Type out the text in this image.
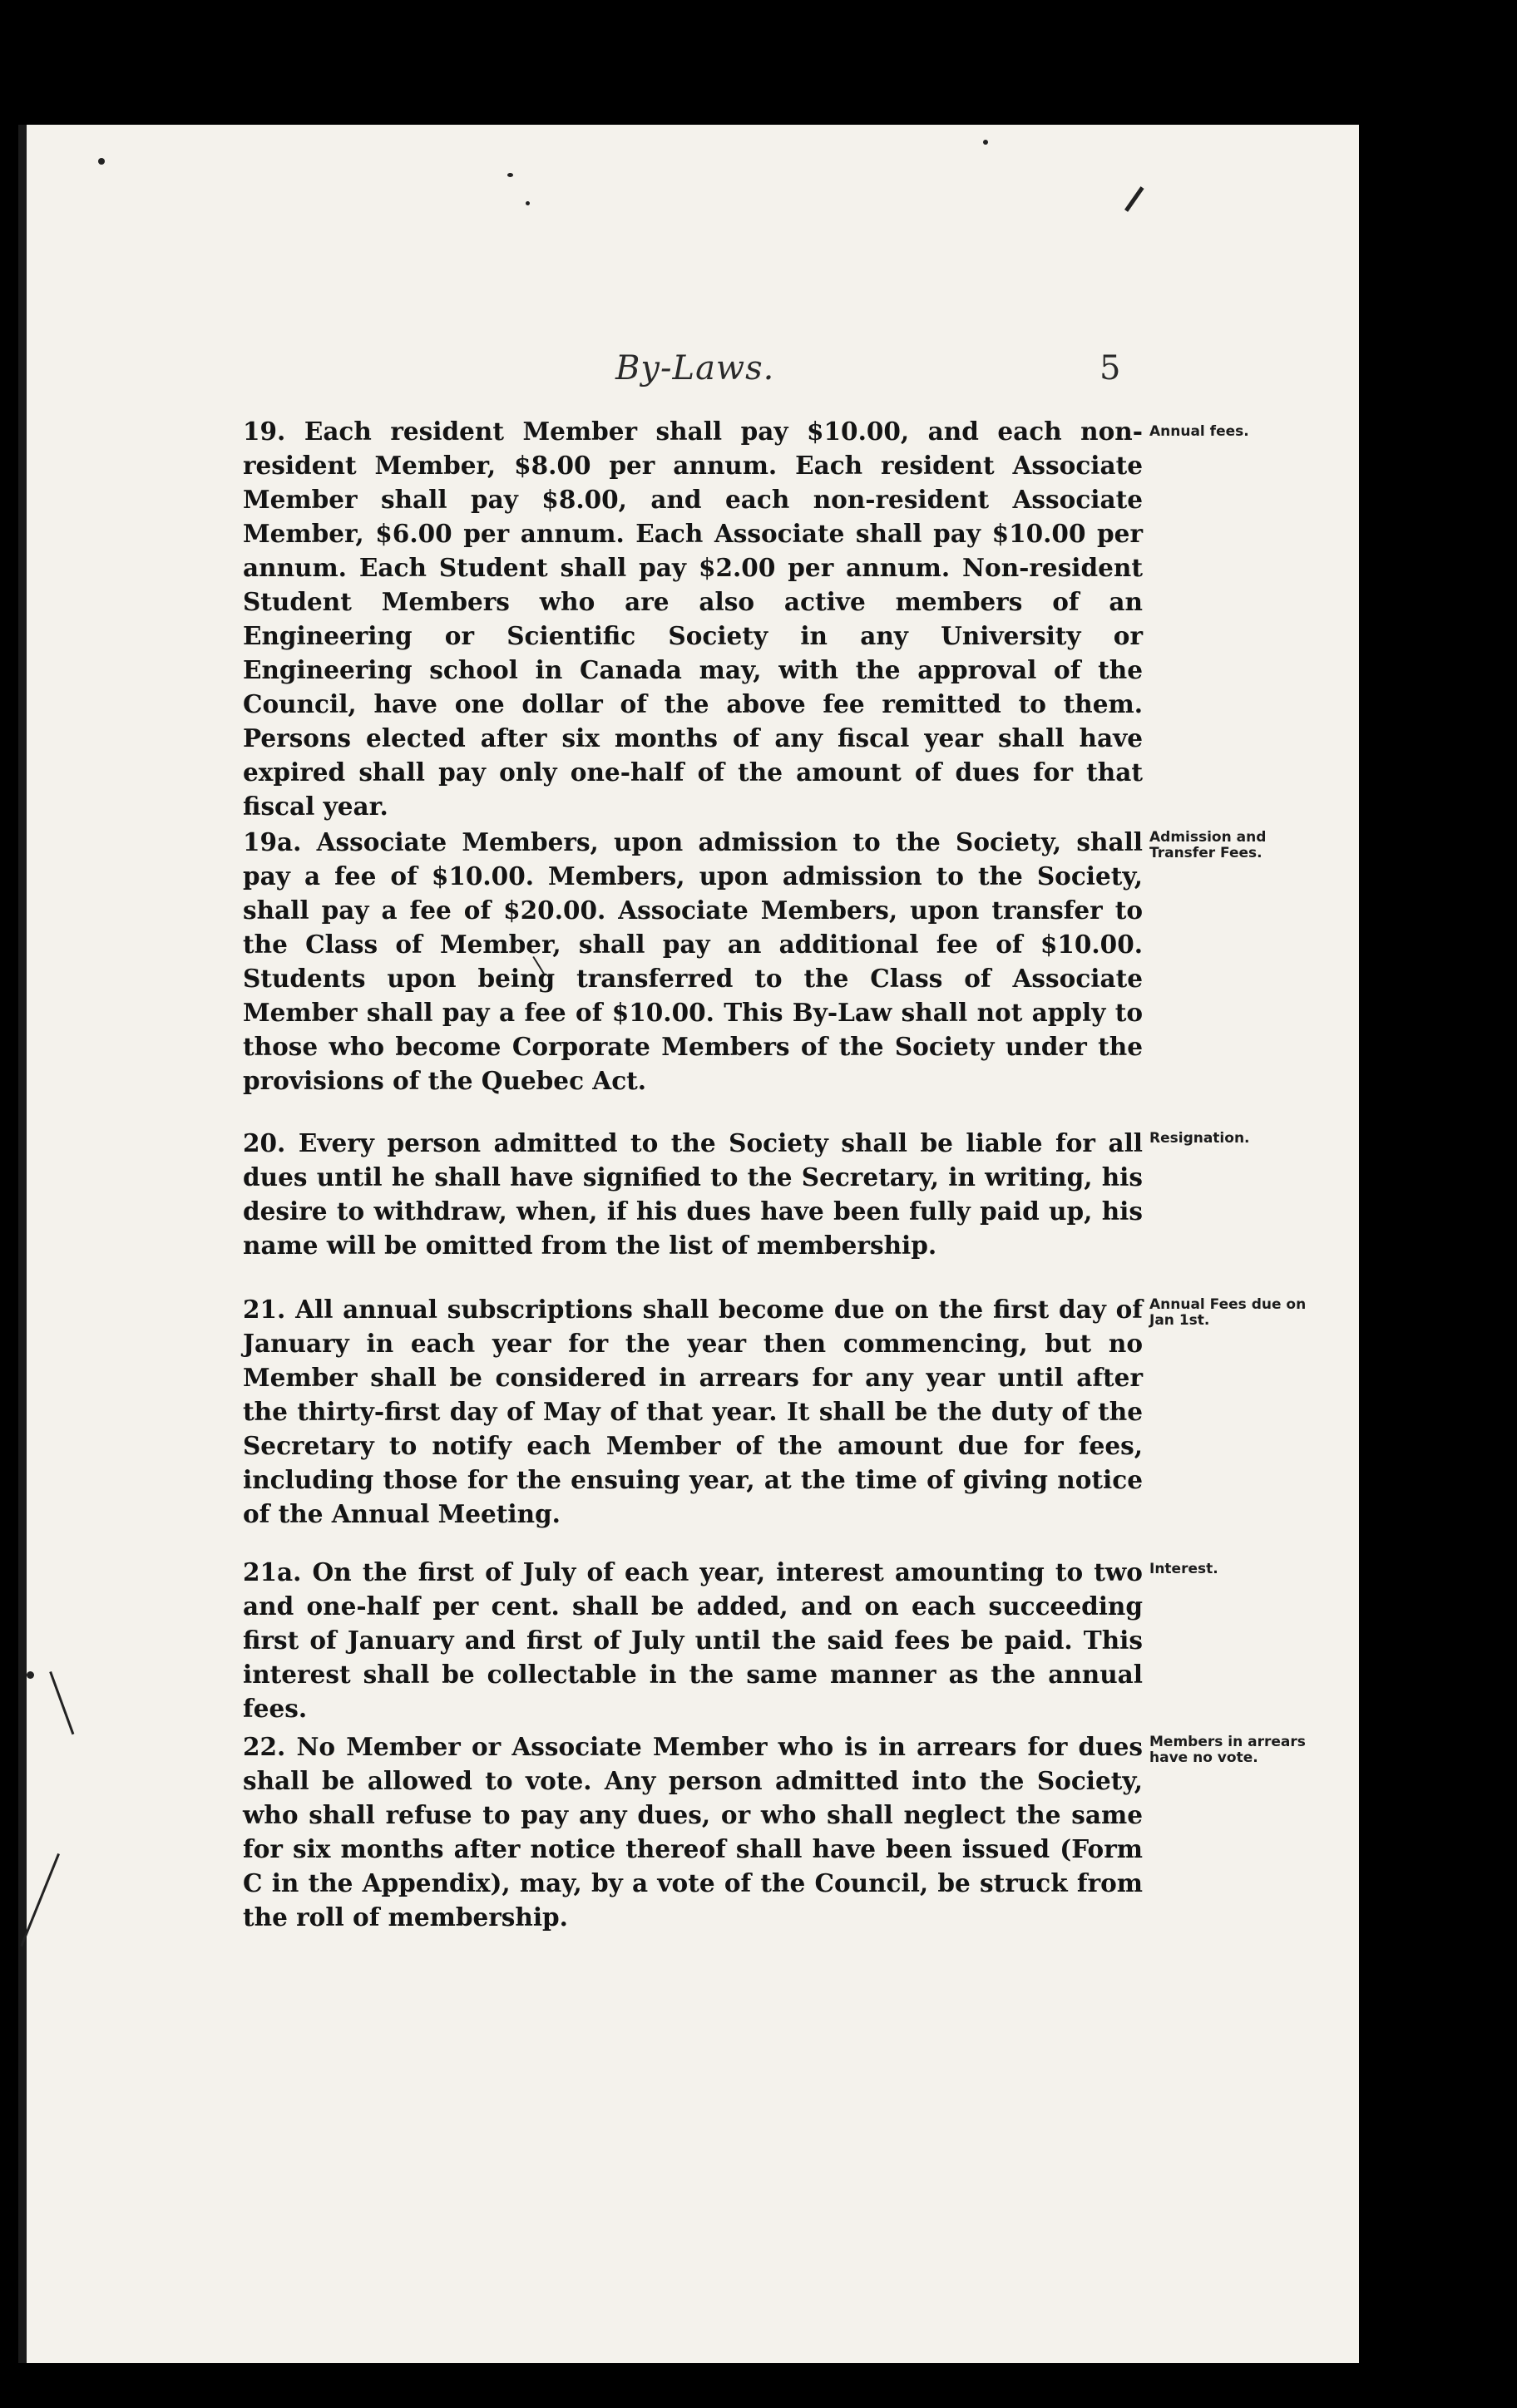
By-Laws.	5

19. Each resident Member shall pay $10.00, and each non-resident Member, $8.00 per annum. Each resident Associate Member shall pay $8.00, and each non-resident Associate Member, $6.00 per annum. Each Associate shall pay $10.00 per annum. Each Student shall pay $2.00 per annum. Non-resident Student Members who are also active members of an Engineering or Scientific Society in any University or Engineering school in Canada may, with the approval of the Council, have one dollar of the above fee remitted to them. Persons elected after six months of any fiscal year shall have expired shall pay only one-half of the amount of dues for that fiscal year.

Annual fees.

19a. Associate Members, upon admission to the Society, shall pay a fee of $10.00. Members, upon admission to the Society, shall pay a fee of $20.00. Associate Members, upon transfer to the Class of Member, shall pay an additional fee of $10.00. Students upon being transferred to the Class of Associate Member shall pay a fee of $10.00. This By-Law shall not apply to those who become Corporate Members of the Society under the provisions of the Quebec Act.

Admission and Transfer Fees.

20. Every person admitted to the Society shall be liable for all dues until he shall have signified to the Secretary, in writing, his desire to withdraw, when, if his dues have been fully paid up, his name will be omitted from the list of membership.

Resignation.

21. All annual subscriptions shall become due on the first day of January in each year for the year then commencing, but no Member shall be considered in arrears for any year until after the thirty-first day of May of that year. It shall be the duty of the Secretary to notify each Member of the amount due for fees, including those for the ensuing year, at the time of giving notice of the Annual Meeting.

Annual Fees due on Jan 1st.

21a. On the first of July of each year, interest amounting to two and one-half per cent. shall be added, and on each succeeding first of January and first of July until the said fees be paid. This interest shall be collectable in the same manner as the annual fees.

Interest.

22. No Member or Associate Member who is in arrears for dues shall be allowed to vote. Any person admitted into the Society, who shall refuse to pay any dues, or who shall neglect the same for six months after notice thereof shall have been issued (Form C in the Appendix), may, by a vote of the Council, be struck from the roll of membership.

Members in arrears have no vote.
